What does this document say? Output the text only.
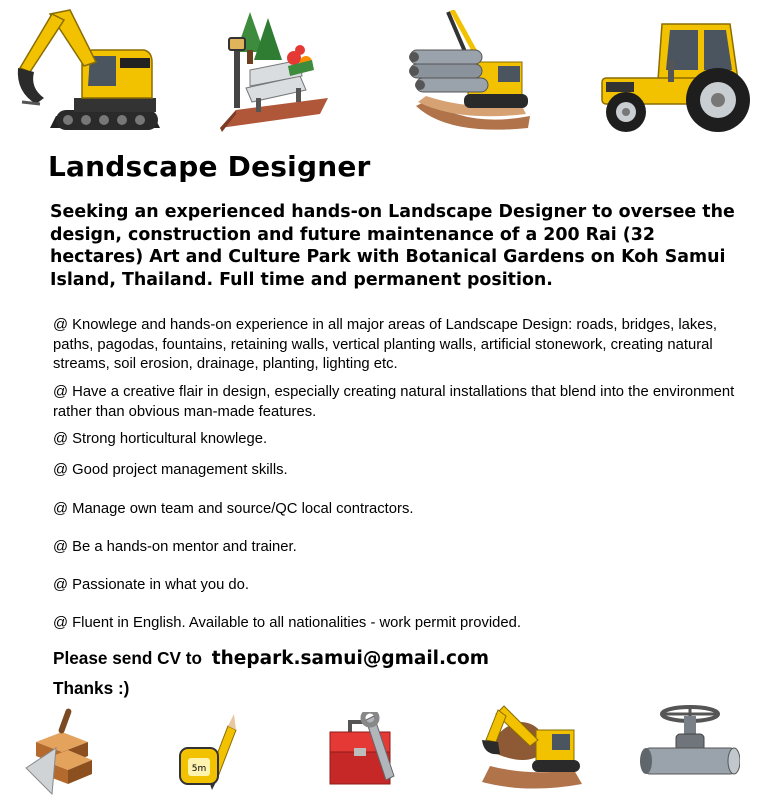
Landscape Designer
Seeking an experienced hands-on Landscape Designer to oversee the design, construction and future maintenance of a 200 Rai (32 hectares) Art and Culture Park with Botanical Gardens on Koh Samui Island, Thailand. Full time and permanent position.
@ Knowlege and hands-on experience in all major areas of Landscape Design: roads, bridges, lakes, paths, pagodas, fountains, retaining walls, vertical planting walls, artificial stonework, creating natural streams, soil erosion, drainage, planting, lighting etc.
@ Have a creative flair in design, especially creating natural installations that blend into the environment rather than obvious man-made features.
@ Strong horticultural knowlege.
@ Good project management skills.
@ Manage own team and source/QC local contractors.
@ Be a hands-on mentor and trainer.
@ Passionate in what you do.
@ Fluent in English. Available to all nationalities - work permit provided.
Please send CV to thepark.samui@gmail.com
Thanks :)
5m
